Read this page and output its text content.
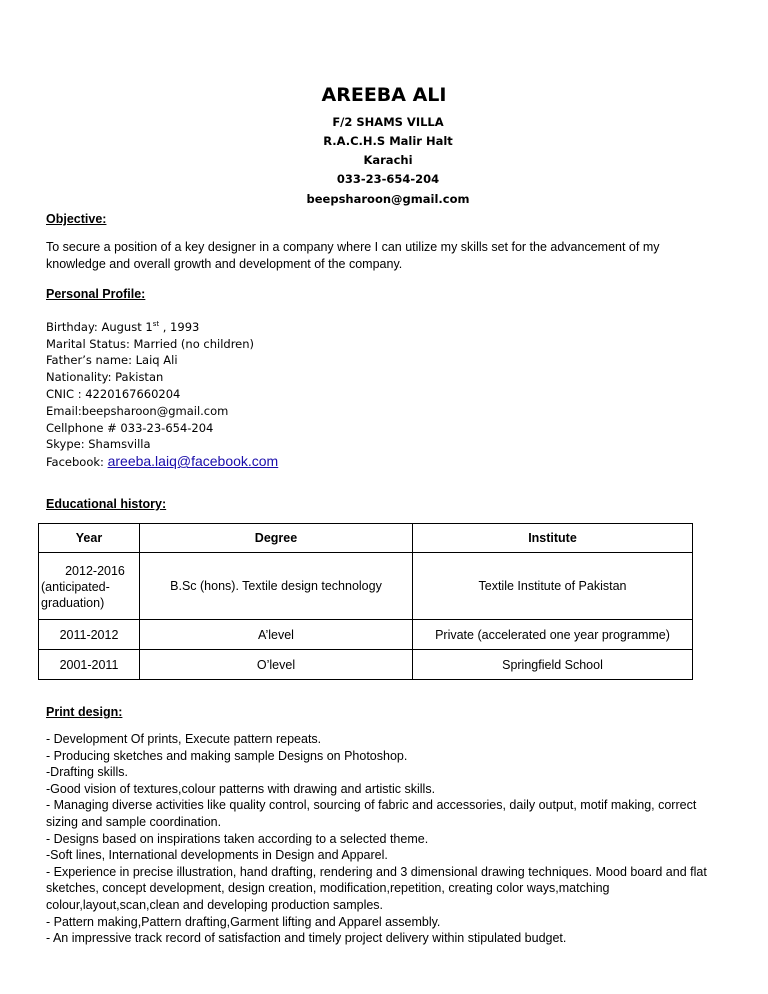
AREEBA ALI
F/2 SHAMS VILLA
R.A.C.H.S Malir Halt
Karachi
033-23-654-204
beepsharoon@gmail.com
Objective:
To secure a position of a key designer in a company where I can utilize my skills set for the advancement of my knowledge and overall growth and development of the company.
Personal Profile:
Birthday: August 1st , 1993
Marital Status: Married (no children)
Father’s name: Laiq Ali
Nationality: Pakistan
CNIC : 4220167660204
Email:beepsharoon@gmail.com
Cellphone # 033-23-654-204
Skype: Shamsvilla
Facebook: areeba.laiq@facebook.com
Educational history:
Year	Degree	Institute

2012-2016
(anticipated-
graduation)	B.Sc (hons). Textile design technology	Textile Institute of Pakistan
2011-2012	A’level	Private (accelerated one year programme)
2001-2011	O’level	Springfield School
Print design:
- Development Of prints, Execute pattern repeats.
- Producing sketches and making sample Designs on Photoshop.
-Drafting skills.
-Good vision of textures,colour patterns with drawing and artistic skills.
- Managing diverse activities like quality control, sourcing of fabric and accessories, daily output, motif making, correct sizing and sample coordination.
- Designs based on inspirations taken according to a selected theme.
-Soft lines, International developments in Design and Apparel.
- Experience in precise illustration, hand drafting, rendering and 3 dimensional drawing techniques. Mood board and flat sketches, concept development, design creation, modification,repetition, creating color ways,matching colour,layout,scan,clean and developing production samples.
- Pattern making,Pattern drafting,Garment lifting and Apparel assembly.
- An impressive track record of satisfaction and timely project delivery within stipulated budget.
